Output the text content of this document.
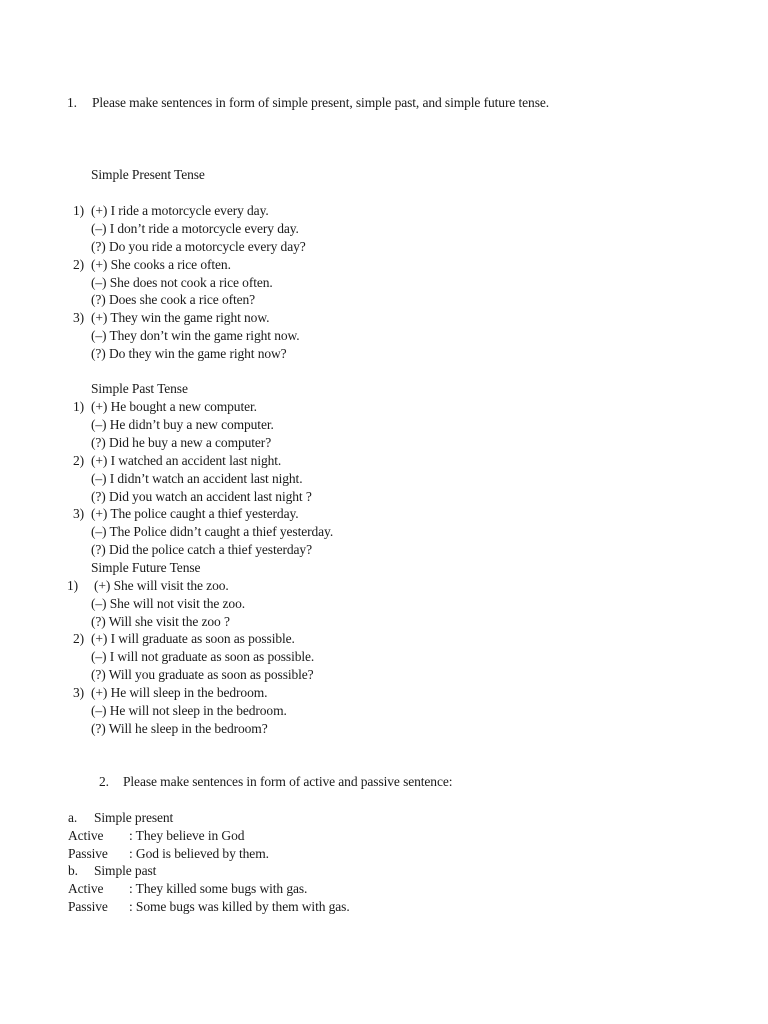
1. Please make sentences in form of simple present, simple past, and simple future tense.
Simple Present Tense
1) (+) I ride a motorcycle every day.
(–) I don’t ride a motorcycle every day.
(?) Do you ride a motorcycle every day?
2) (+) She cooks a rice often.
(–) She does not cook a rice often.
(?) Does she cook a rice often?
3) (+) They win the game right now.
(–) They don’t win the game right now.
(?) Do they win the game right now?
Simple Past Tense
1) (+) He bought a new computer.
(–) He didn’t buy a new computer.
(?) Did he buy a new a computer?
2) (+) I watched an accident last night.
(–) I didn’t watch an accident last night.
(?) Did you watch an accident last night ?
3) (+) The police caught a thief yesterday.
(–) The Police didn’t caught a thief yesterday.
(?) Did the police catch a thief yesterday?
Simple Future Tense
1) (+) She will visit the zoo.
(–) She will not visit the zoo.
(?) Will she visit the zoo ?
2) (+) I will graduate as soon as possible.
(–) I will not graduate as soon as possible.
(?) Will you graduate as soon as possible?
3) (+) He will sleep in the bedroom.
(–) He will not sleep in the bedroom.
(?) Will he sleep in the bedroom?
2. Please make sentences in form of active and passive sentence:
a. Simple present
Active : They believe in God
Passive : God is believed by them.
b. Simple past
Active : They killed some bugs with gas.
Passive : Some bugs was killed by them with gas.
